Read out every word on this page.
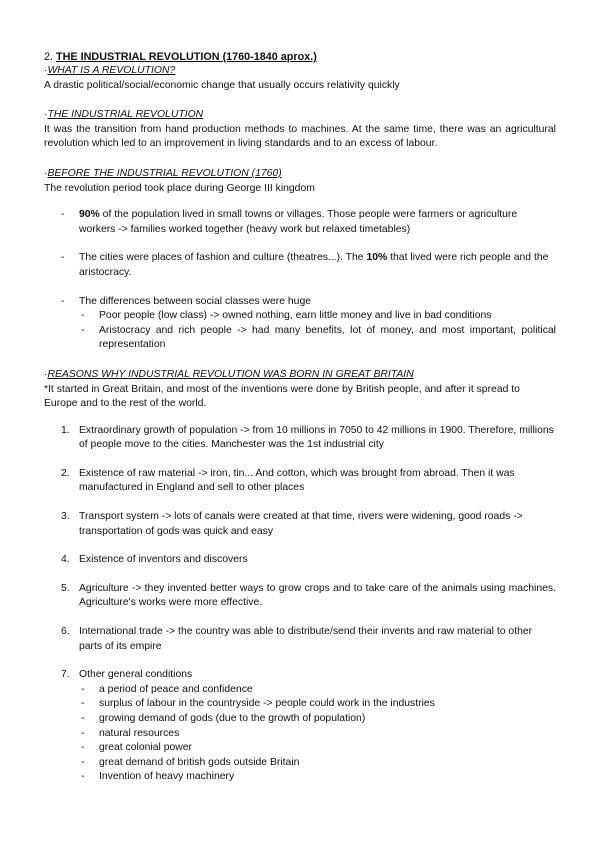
2. THE INDUSTRIAL REVOLUTION (1760-1840 aprox.)

·WHAT IS A REVOLUTION?

A drastic political/social/economic change that usually occurs relativity quickly

·THE INDUSTRIAL REVOLUTION

It was the transition from hand production methods to machines. At the same time, there was an agricultural revolution which led to an improvement in living standards and to an excess of labour.

·BEFORE THE INDUSTRIAL REVOLUTION (1760)

The revolution period took place during George III kingdom

- 90% of the population lived in small towns or villages. Those people were farmers or agriculture workers -> families worked together (heavy work but relaxed timetables)
- The cities were places of fashion and culture (theatres...). The 10% that lived were rich people and the aristocracy.
- The differences between social classes were huge
- Poor people (low class) -> owned nothing, earn little money and live in bad conditions
- Aristocracy and rich people -> had many benefits, lot of money, and most important, political representation

·REASONS WHY INDUSTRIAL REVOLUTION WAS BORN IN GREAT BRITAIN

*It started in Great Britain, and most of the inventions were done by British people, and after it spread to Europe and to the rest of the world.

1. Extraordinary growth of population -> from 10 millions in 7050 to 42 millions in 1900. Therefore, millions of people move to the cities. Manchester was the 1st industrial city
2. Existence of raw material -> iron, tin... And cotton, which was brought from abroad. Then it was manufactured in England and sell to other places
3. Transport system -> lots of canals were created at that time, rivers were widening, good roads -> transportation of gods was quick and easy
4. Existence of inventors and discovers
5. Agriculture -> they invented better ways to grow crops and to take care of the animals using machines. Agriculture's works were more effective.
6. International trade -> the country was able to distribute/send their invents and raw material to other parts of its empire
7. Other general conditions
- a period of peace and confidence
- surplus of labour in the countryside -> people could work in the industries
- growing demand of gods (due to the growth of population)
- natural resources
- great colonial power
- great demand of british gods outside Britain
- Invention of heavy machinery
